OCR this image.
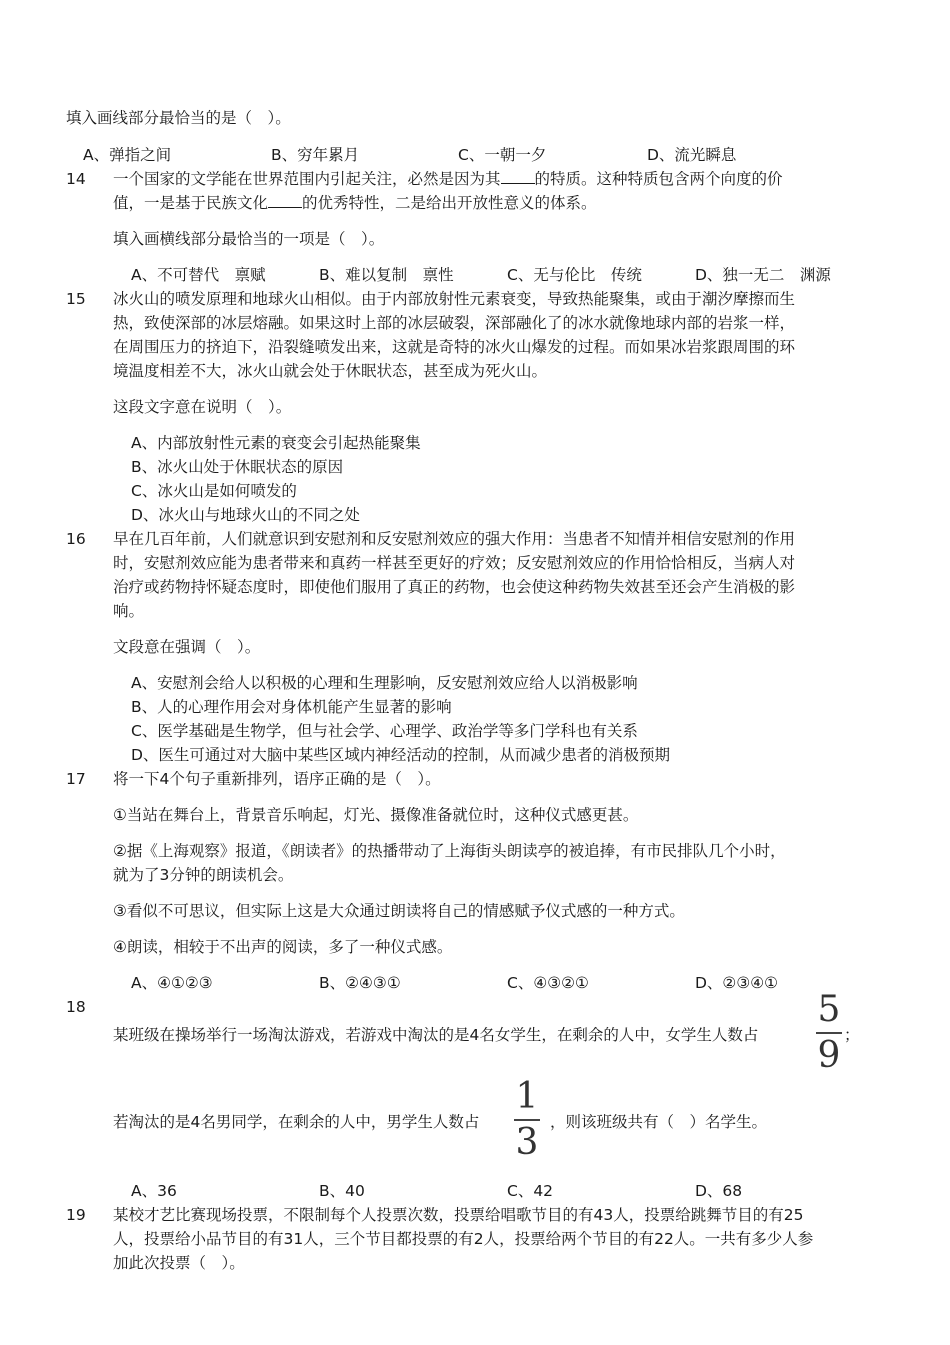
填入画线部分最恰当的是（　）。
A、弹指之间	B、穷年累月	C、一朝一夕	D、流光瞬息
14 一个国家的文学能在世界范围内引起关注，必然是因为其 的特质。这种特质包含两个向度的价
值，一是基于民族文化 的优秀特性，二是给出开放性意义的体系。
填入画横线部分最恰当的一项是（　）。
A、不可替代　禀赋	B、难以复制　禀性	C、无与伦比　传统	D、独一无二　渊源
15 冰火山的喷发原理和地球火山相似。由于内部放射性元素衰变，导致热能聚集，或由于潮汐摩擦而生
热，致使深部的冰层熔融。如果这时上部的冰层破裂，深部融化了的冰水就像地球内部的岩浆一样，
在周围压力的挤迫下，沿裂缝喷发出来，这就是奇特的冰火山爆发的过程。而如果冰岩浆跟周围的环
境温度相差不大，冰火山就会处于休眠状态，甚至成为死火山。
这段文字意在说明（　）。
A、内部放射性元素的衰变会引起热能聚集
B、冰火山处于休眠状态的原因
C、冰火山是如何喷发的
D、冰火山与地球火山的不同之处
16 早在几百年前，人们就意识到安慰剂和反安慰剂效应的强大作用：当患者不知情并相信安慰剂的作用
时，安慰剂效应能为患者带来和真药一样甚至更好的疗效；反安慰剂效应的作用恰恰相反，当病人对
治疗或药物持怀疑态度时，即使他们服用了真正的药物，也会使这种药物失效甚至还会产生消极的影
响。
文段意在强调（　）。
A、安慰剂会给人以积极的心理和生理影响，反安慰剂效应给人以消极影响
B、人的心理作用会对身体机能产生显著的影响
C、医学基础是生物学，但与社会学、心理学、政治学等多门学科也有关系
D、医生可通过对大脑中某些区域内神经活动的控制，从而减少患者的消极预期
17 将一下4个句子重新排列，语序正确的是（　）。
①当站在舞台上，背景音乐响起，灯光、摄像准备就位时，这种仪式感更甚。
②据《上海观察》报道，《朗读者》的热播带动了上海街头朗读亭的被追捧，有市民排队几个小时，
就为了3分钟的朗读机会。
③看似不可思议，但实际上这是大众通过朗读将自己的情感赋予仪式感的一种方式。
④朗读，相较于不出声的阅读，多了一种仪式感。
A、④①②③	B、②④③①	C、④③②①	D、②③④①
18
某班级在操场举行一场淘汰游戏，若游戏中淘汰的是4名女学生，在剩余的人中，女学生人数占
5
9 ；
若淘汰的是4名男同学，在剩余的人中，男学生人数占
1
3 ，则该班级共有（　）名学生。
A、36	B、40	C、42	D、68
19 某校才艺比赛现场投票，不限制每个人投票次数，投票给唱歌节目的有43人，投票给跳舞节目的有25
人，投票给小品节目的有31人，三个节目都投票的有2人，投票给两个节目的有22人。一共有多少人参
加此次投票（　）。
